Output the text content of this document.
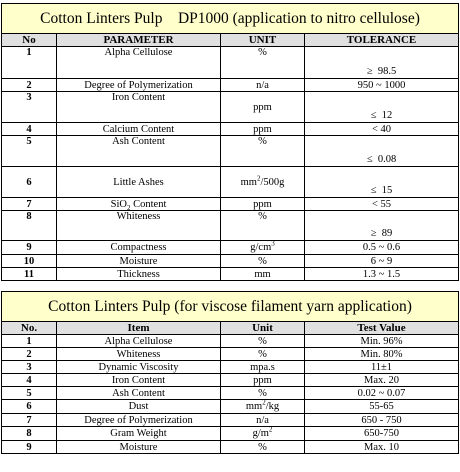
Cotton Linters Pulp    DP1000 (application to nitro cellulose)			
No	PARAMETER	UNIT	TOLERANCE
1	Alpha Cellulose	%	≥  98.5
2	Degree of Polymerization	n/a	950 ~ 1000
3	Iron Content	ppm	≤  12
4	Calcium Content	ppm	< 40
5	Ash Content	%	≤  0.08
6	Little Ashes	$mm^2/500g$	≤  15
7	SiO$_2$ Content	ppm	< 55
8	Whiteness	%	≥  89
9	Compactness	$g/cm^3$	0.5 ~ 0.6
10	Moisture	%	6 ~ 9
11	Thickness	mm	1.3 ~ 1.5
Cotton Linters Pulp (for viscose filament yarn application)			
No.	Item	Unit	Test Value
1	Alpha Cellulose	%	Min. 96%
2	Whiteness	%	Min. 80%
3	Dynamic Viscosity	mpa.s	11±1
4	Iron Content	ppm	Max. 20
5	Ash Content	%	0.02 ~ 0.07
6	Dust	$mm^2/kg$	55-65
7	Degree of Polymerization	n/a	650 - 750
8	Gram Weight	$g/m^2$	650-750
9	Moisture	%	Max. 10
